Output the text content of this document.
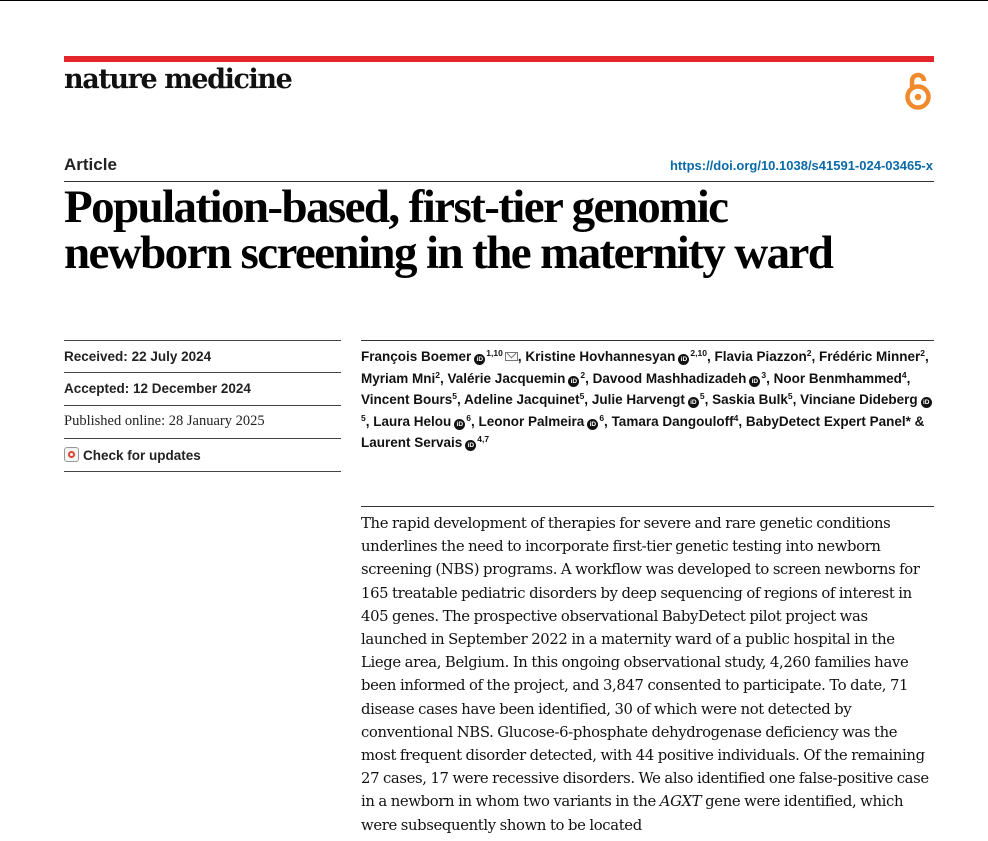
nature medicine
Article	https://doi.org/10.1038/s41591-024-03465-x
Population-based, first-tier genomic
newborn screening in the maternity ward
Received: 22 July 2024
Accepted: 12 December 2024
Published online: 28 January 2025
Check for updates
François Boemer iD$^{1,10}$ , Kristine Hovhannesyan iD$^{2,10}$, Flavia Piazzon$^2$, Frédéric Minner$^2$, Myriam Mni$^2$, Valérie Jacquemin $iD^2$, Davood Mashhadizadeh $iD^3$, Noor Benmhammed$^4$, Vincent Bours$^5$, Adeline Jacquinet$^5$, Julie Harvengt $iD^5$, Saskia Bulk$^5$, Vinciane Dideberg $iD^5$, Laura Helou $iD^6$, Leonor Palmeira $iD^6$, Tamara Dangouloff$^4$, BabyDetect Expert Panel* & Laurent Servais iD$^{4,7}$

The rapid development of therapies for severe and rare genetic conditions underlines the need to incorporate first-tier genetic testing into newborn screening (NBS) programs. A workflow was developed to screen newborns for 165 treatable pediatric disorders by deep sequencing of regions of interest in 405 genes. The prospective observational BabyDetect pilot project was launched in September 2022 in a maternity ward of a public hospital in the Liege area, Belgium. In this ongoing observational study, 4,260 families have been informed of the project, and 3,847 consented to participate. To date, 71 disease cases have been identified, 30 of which were not detected by conventional NBS. Glucose-6-phosphate dehydrogenase deficiency was the most frequent disorder detected, with 44 positive individuals. Of the remaining 27 cases, 17 were recessive disorders. We also identified one false-positive case in a newborn in whom two variants in the AGXT gene were identified, which were subsequently shown to be located
